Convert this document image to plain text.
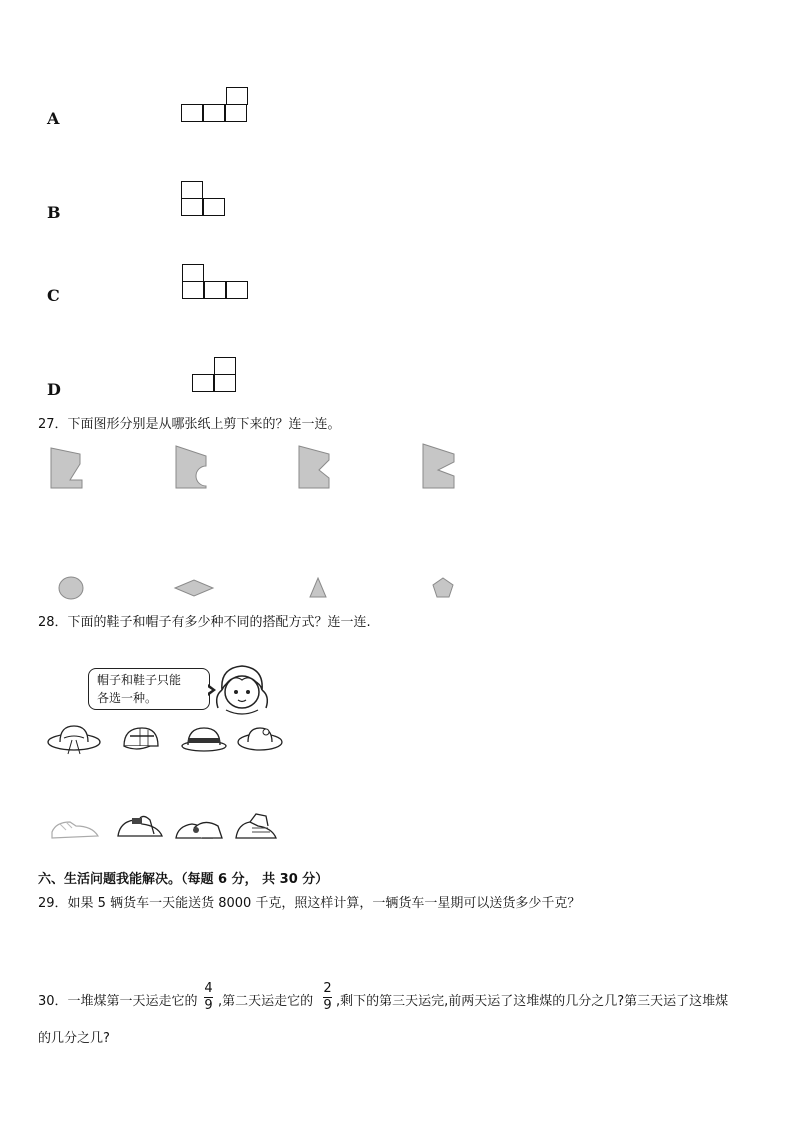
A
B
C
D
27．下面图形分别是从哪张纸上剪下来的？连一连。
28．下面的鞋子和帽子有多少种不同的搭配方式？连一连.
帽子和鞋子只能
各选一种。
六、生活问题我能解决。（每题 6 分， 共 30 分）
29．如果 5 辆货车一天能送货 8000 千克，照这样计算，一辆货车一星期可以送货多少千克？
30．一堆煤第一天运走它的
4
9 ,第二天运走它的
2
9 ,剩下的第三天运完,前两天运了这堆煤的几分之几?第三天运了这堆煤
的几分之几?
